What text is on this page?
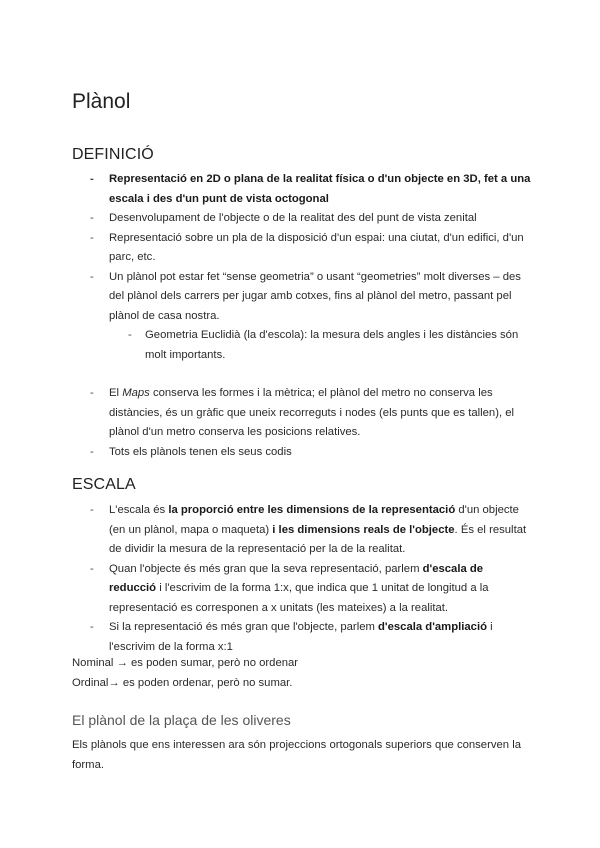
Plànol
DEFINICIÓ
- Representació en 2D o plana de la realitat física o d'un objecte en 3D, fet a una escala i des d'un punt de vista octogonal
- Desenvolupament de l'objecte o de la realitat des del punt de vista zenital
- Representació sobre un pla de la disposició d'un espai: una ciutat, d'un edifici, d'un parc, etc.
- Un plànol pot estar fet “sense geometria” o usant “geometries” molt diverses – des del plànol dels carrers per jugar amb cotxes, fins al plànol del metro, passant pel plànol de casa nostra.
- Geometria Euclidià (la d'escola): la mesura dels angles i les distàncies són molt importants.
- El Maps conserva les formes i la mètrica; el plànol del metro no conserva les distàncies, és un gràfic que uneix recorreguts i nodes (els punts que es tallen), el plànol d'un metro conserva les posicions relatives.
- Tots els plànols tenen els seus codis
ESCALA
- L'escala és la proporció entre les dimensions de la representació d'un objecte (en un plànol, mapa o maqueta) i les dimensions reals de l'objecte. És el resultat de dividir la mesura de la representació per la de la realitat.
- Quan l'objecte és més gran que la seva representació, parlem d'escala de reducció i l'escrivim de la forma 1:x, que indica que 1 unitat de longitud a la representació es corresponen a x unitats (les mateixes) a la realitat.
- Si la representació és més gran que l'objecte, parlem d'escala d'ampliació i l'escrivim de la forma x:1

Nominal → es poden sumar, però no ordenar

Ordinal→ es poden ordenar, però no sumar.

El plànol de la plaça de les oliveres

Els plànols que ens interessen ara són projeccions ortogonals superiors que conserven la forma.
